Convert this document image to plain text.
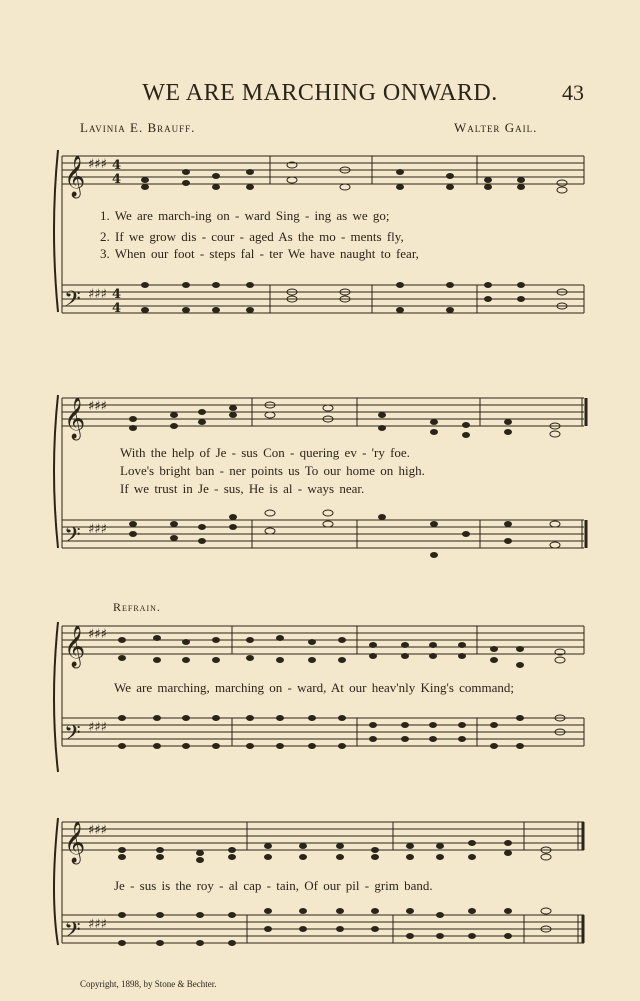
WE ARE MARCHING ONWARD.	43
Lavinia E. Brauff.	Walter Gail.
𝄞
𝄢
♯♯♯
♯♯♯
4
4
4
4
𝄞
𝄢
♯♯♯
♯♯♯
𝄞
𝄢
♯♯♯
♯♯♯
𝄞
𝄢
♯♯♯
♯♯♯
1. We are march-ing on - ward Sing - ing as we go;
2. If we grow dis - cour - aged As the mo - ments fly,
3. When our foot - steps fal - ter We have naught to fear,
With the help of Je - sus Con - quering ev - 'ry foe.
Love's bright ban - ner points us To our home on high.
If we trust in Je - sus, He is al - ways near.
Refrain.
We are marching, marching on - ward, At our heav'nly King's command;
Je - sus is the roy - al cap - tain, Of our pil - grim band.
Copyright, 1898, by Stone & Bechter.
